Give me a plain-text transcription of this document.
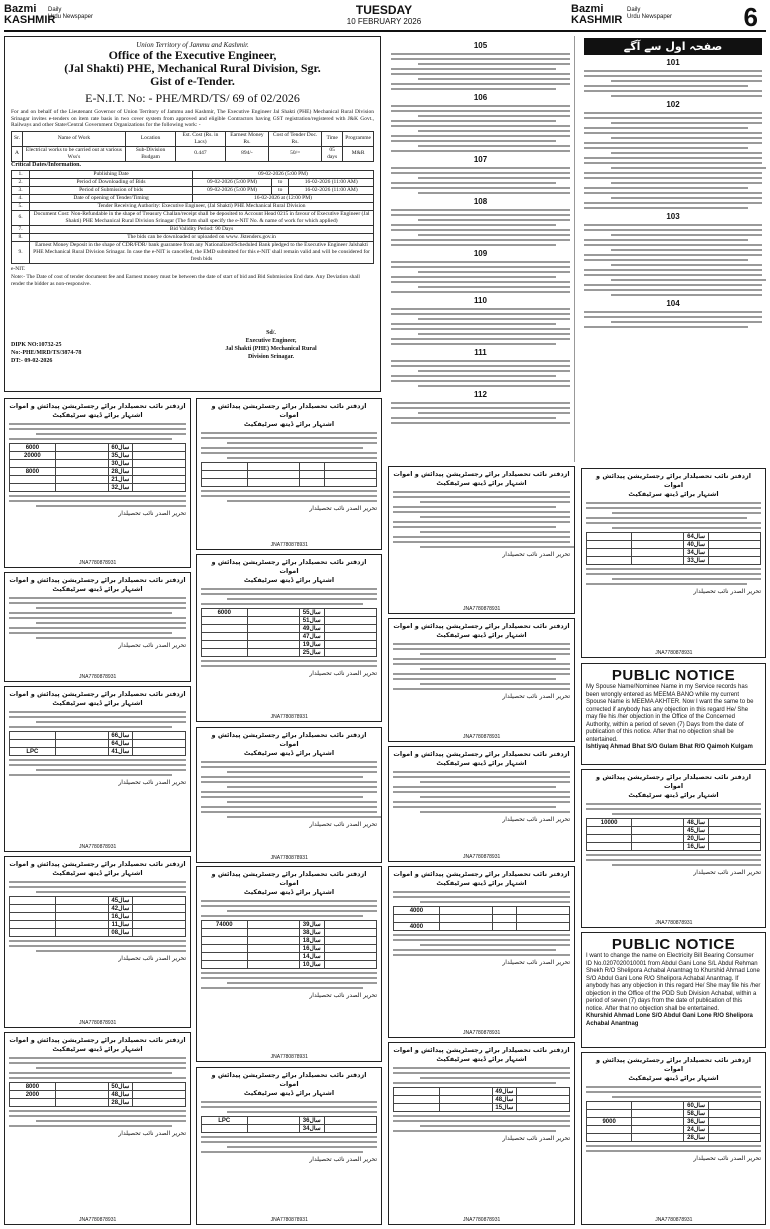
Bazmi
KASHMIR
Daily
Urdu Newspaper	TUESDAY
10 FEBRUARY 2026
Bazmi
KASHMIR
Daily
Urdu Newspaper	6
Union Territory of Jammu and Kashmir.
Office of the Executive Engineer,
(Jal Shakti) PHE, Mechanical Rural Division, Sgr.
Gist of e-Tender.
E-N.I.T. No: - PHE/MRD/TS/ 69 of 02/2026
For and on behalf of the Lieutenant Governor of Union Territory of Jammu and Kashmir, The Executive Engineer Jal Shakti (PHE) Mechanical Rural Division Srinagar invites e-tenders on item rate basis in two cover system from approved and eligible Contractors having GST registration/registered with J&K Govt., Railways and other State/Central Government Organizations for the following work: -
Sr.	Name of Work	Location	Est. Cost (Rs. in Lacs)	Earnest Money Rs.	Cost of Tender Doc. Rs.	Time	Programme
A	Electrical works to be carried out at various Wss's	Sub-Division Budgam	0.447	894/-	50/=	05 days	M&R
Critical Dates/Information.
1.	Publishing Date	09-02-2026 (5:00 PM)		
2.	Period of Downloading of Bids	09-02-2026 (5:00 PM)	to	16-02-2026 (11:00 AM)
3.	Period of Submission of bids	09-02-2026 (5:00 PM)	to	16-02-2026 (11:00 AM)
4.	Date of opening of Tender/Timing	16-02-2026 at (12:00 PM)		
5.	Tender Receiving Authority: Executive Engineer, (Jal Shakti) PHE Mechanical Rural Division			
6.	Document Cost: Non-Refundable in the shape of Treasury Challan/receipt shall be deposited to Account Head 0215 in favour of Executive Engineer (Jal Shakti) PHE Mechanical Rural Division Srinagar (The firm shall specify the e-NIT No. & name of work for which applied)			
7.	Bid Validity Period: 90 Days			
8.	The bids can be downloaded or uploaded on www. Jktenders.gov.in			
9.	Earnest Money Deposit in the shape of CDR/FDR/ bank guarantee from any Nationalized/Scheduled Bank pledged to the Executive Engineer Jalshakti PHE Mechanical Rural Division Srinagar. In case the e-NIT is cancelled, the EMD submitted for this e-NIT shall remain valid and will be considered for fresh bids			
e-NIT.
Note:- The Date of cost of tender document fee and Earnest money must be between the date of start of bid and Bid Submission End date. Any Deviation shall render the bidder as non-responsive.
DIPK NO:10732-25
No:-PHE/MRD/TS/3874-78
DT:- 09-02-2026
Sd/.
Executive Engineer,
Jal Shakti (PHE) Mechanical Rural
Division Srinagar.
105
106
107
108
109
110
111
112
صفحہ اول سے آگے
101
102
103
104
PUBLIC NOTICE
My Spouse Name/Nominee Name in my Service records has been wrongly entered as MEEMA BANO while my current Spouse Name is MEEMA AKHTER. Now I want the same to be corrected if anybody has any objection in this regard He/ She may file his /her objection in the Office of the Concerned Authority, within a period of seven (7) Days from the date of publication of this notice. After that no objection shall be entertained.
Ishtiyaq Ahmad Bhat S/O Gulam Bhat R/O Qaimoh Kulgam
PUBLIC NOTICE
I want to change the name on Electricity Bill Bearing Consumer ID No.0207020010001 from Abdul Gani Lone S/L Abdul Rehman Shekh R/O Shelipora Achabal Anantnag to Khurshid Ahmad Lone S/O Abdul Gani Lone R/O Shelipora Achabal Anantnag. If anybody has any objection in this regard He/ She may file his /her objection in the Office of the PDD Sub Division Achabal, within a period of seven (7) days from the date of publication of this notice. After that no objection shall be entertained.
Khurshid Ahmad Lone S/O Abdul Gani Lone R/O Shelipora Achabal Anantnag
ازدفتر نائب تحصیلدار برائے رجسٹریشن پیدائش و اموات
اشتہار برائے ڈیتھ سرٹیفکیٹ
6000		60سال	
20000		35سال	
		30سال	
8000		28سال	
		21سال	
		32سال	
تحریر الصدر نائب تحصیلدار
JNA7780878931
ازدفتر نائب تحصیلدار برائے رجسٹریشن پیدائش و اموات
اشتہار برائے ڈیتھ سرٹیفکیٹ

تحریر الصدر نائب تحصیلدار
JNA7780878931
ازدفتر نائب تحصیلدار برائے رجسٹریشن پیدائش و اموات
اشتہار برائے ڈیتھ سرٹیفکیٹ
6000		55سال	
		51سال	
		49سال	
		47سال	
		19سال	
		25سال	
تحریر الصدر نائب تحصیلدار
JNA7780878931
ازدفتر نائب تحصیلدار برائے رجسٹریشن پیدائش و اموات
اشتہار برائے ڈیتھ سرٹیفکیٹ
تحریر الصدر نائب تحصیلدار
JNA7780878931
ازدفتر نائب تحصیلدار برائے رجسٹریشن پیدائش و اموات
اشتہار برائے ڈیتھ سرٹیفکیٹ
		66سال	
		64سال	
LPC		41سال	
تحریر الصدر نائب تحصیلدار
JNA7780878931
ازدفتر نائب تحصیلدار برائے رجسٹریشن پیدائش و اموات
اشتہار برائے ڈیتھ سرٹیفکیٹ
تحریر الصدر نائب تحصیلدار
JNA7780878931
ازدفتر نائب تحصیلدار برائے رجسٹریشن پیدائش و اموات
اشتہار برائے ڈیتھ سرٹیفکیٹ
		45سال	
		42سال	
		16سال	
		11سال	
		08سال	
تحریر الصدر نائب تحصیلدار
JNA7780878931
ازدفتر نائب تحصیلدار برائے رجسٹریشن پیدائش و اموات
اشتہار برائے ڈیتھ سرٹیفکیٹ
74000		39سال	
		38سال	
		18سال	
		16سال	
		14سال	
		10سال	
تحریر الصدر نائب تحصیلدار
JNA7780878931
ازدفتر نائب تحصیلدار برائے رجسٹریشن پیدائش و اموات
اشتہار برائے ڈیتھ سرٹیفکیٹ
8000		50سال	
2000		48سال	
		28سال	
تحریر الصدر نائب تحصیلدار
JNA7780878931
ازدفتر نائب تحصیلدار برائے رجسٹریشن پیدائش و اموات
اشتہار برائے ڈیتھ سرٹیفکیٹ
LPC		36سال	
		34سال	
تحریر الصدر نائب تحصیلدار
JNA7780878931
ازدفتر نائب تحصیلدار برائے رجسٹریشن پیدائش و اموات
اشتہار برائے ڈیتھ سرٹیفکیٹ
تحریر الصدر نائب تحصیلدار
JNA7780878931
ازدفتر نائب تحصیلدار برائے رجسٹریشن پیدائش و اموات
اشتہار برائے ڈیتھ سرٹیفکیٹ
تحریر الصدر نائب تحصیلدار
JNA7780878931
ازدفتر نائب تحصیلدار برائے رجسٹریشن پیدائش و اموات
اشتہار برائے ڈیتھ سرٹیفکیٹ
تحریر الصدر نائب تحصیلدار
JNA7780878931
ازدفتر نائب تحصیلدار برائے رجسٹریشن پیدائش و اموات
اشتہار برائے ڈیتھ سرٹیفکیٹ
4000			

4000			
تحریر الصدر نائب تحصیلدار
JNA7780878931
ازدفتر نائب تحصیلدار برائے رجسٹریشن پیدائش و اموات
اشتہار برائے ڈیتھ سرٹیفکیٹ
		49سال	
		48سال	
		15سال	
تحریر الصدر نائب تحصیلدار
JNA7780878931
ازدفتر نائب تحصیلدار برائے رجسٹریشن پیدائش و اموات
اشتہار برائے ڈیتھ سرٹیفکیٹ
		64سال	
		40سال	
		34سال	
		33سال	
تحریر الصدر نائب تحصیلدار
JNA7780878931
ازدفتر نائب تحصیلدار برائے رجسٹریشن پیدائش و اموات
اشتہار برائے ڈیتھ سرٹیفکیٹ
10000		48سال	
		45سال	
		20سال	
		16سال	
تحریر الصدر نائب تحصیلدار
JNA7780878931
ازدفتر نائب تحصیلدار برائے رجسٹریشن پیدائش و اموات
اشتہار برائے ڈیتھ سرٹیفکیٹ
		60سال	
		58سال	
9000		36سال	
		24سال	
		28سال	
تحریر الصدر نائب تحصیلدار
JNA7780878931
